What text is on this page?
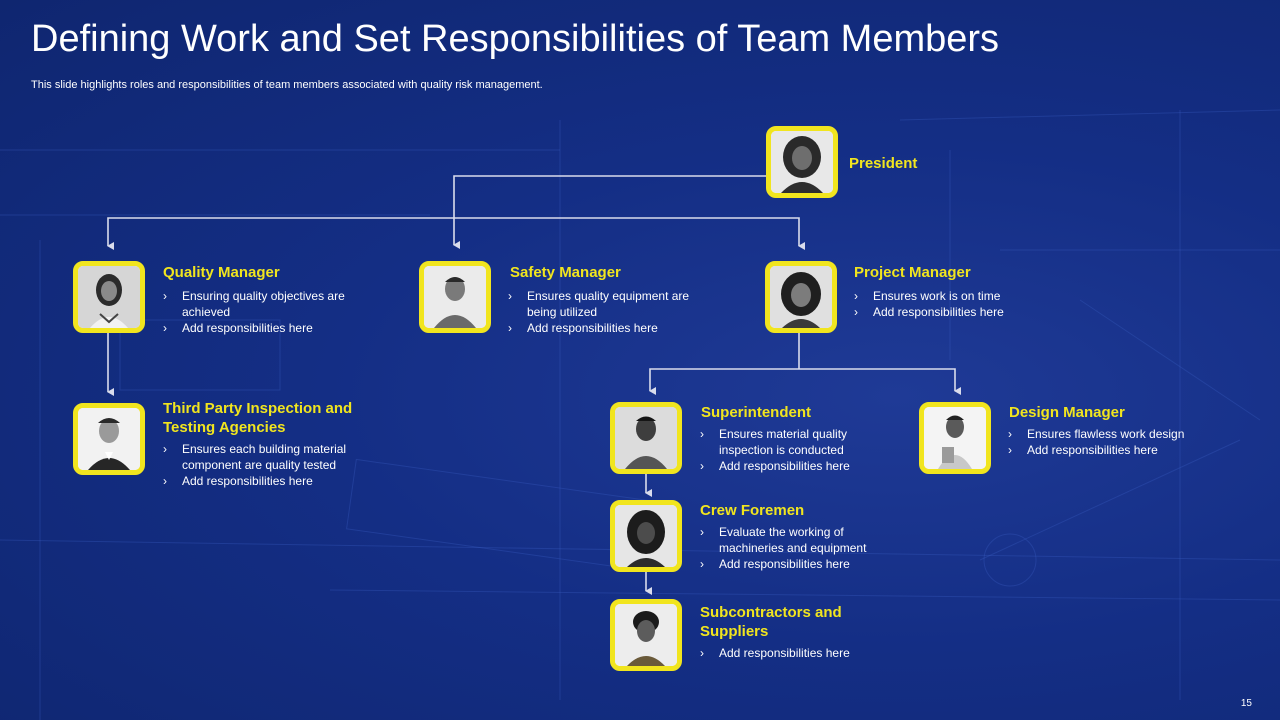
Defining Work and Set Responsibilities of Team Members
This slide highlights roles and responsibilities of team members associated with quality risk management.
President
Quality Manager
› Ensuring quality objectives are achieved
› Add responsibilities here
Safety Manager
› Ensures quality equipment are being utilized
› Add responsibilities here
Project Manager
› Ensures work is on time
› Add responsibilities here
Third Party Inspection and Testing Agencies
› Ensures each building material component are quality tested
› Add responsibilities here
Superintendent
› Ensures material quality inspection is conducted
› Add responsibilities here
Design Manager
› Ensures flawless work design
› Add responsibilities here
Crew Foremen
› Evaluate the working of machineries and equipment
› Add responsibilities here
Subcontractors and Suppliers
› Add responsibilities here
15
